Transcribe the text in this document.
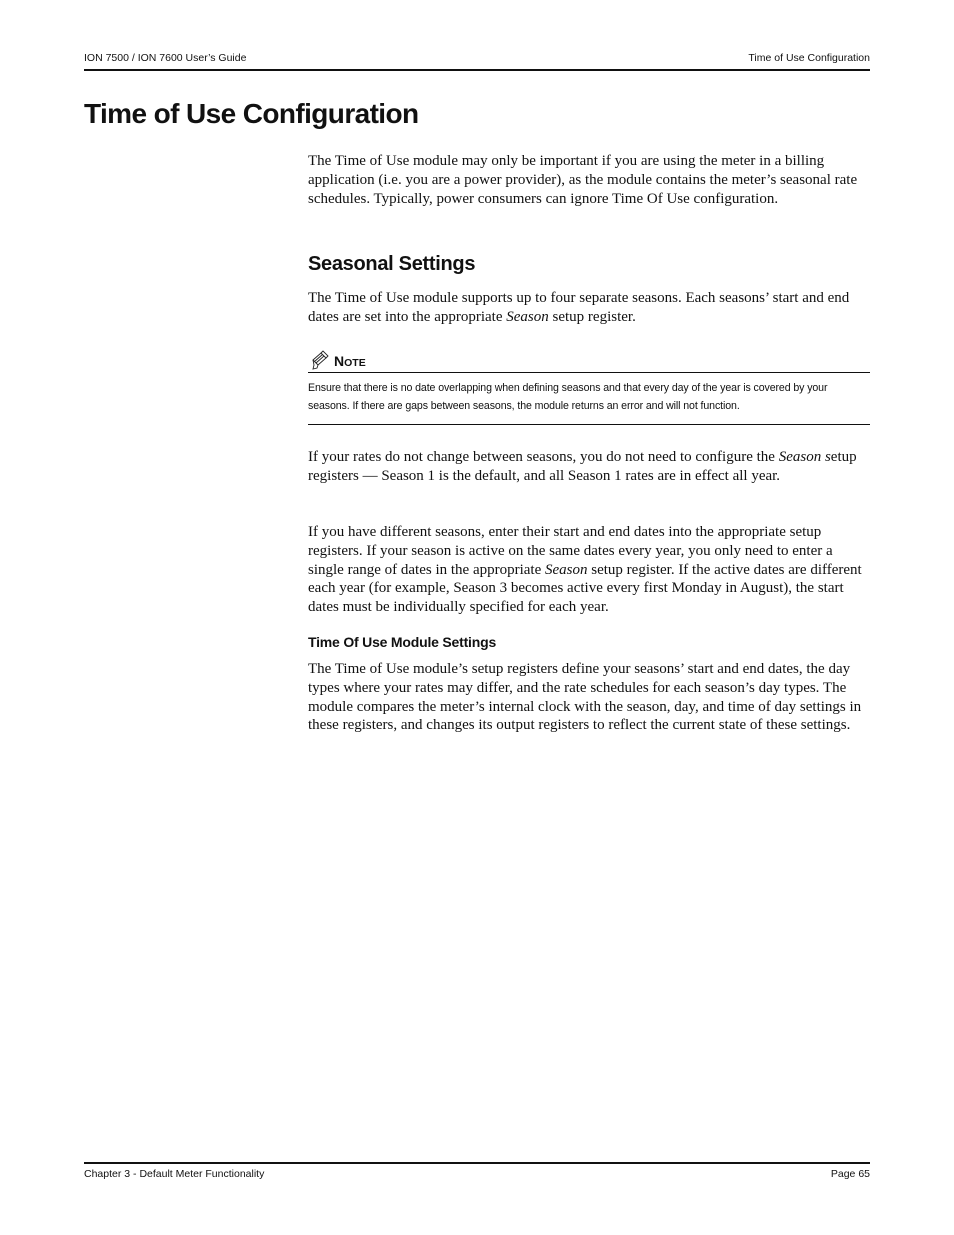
ION 7500 / ION 7600 User’s Guide	Time of Use Configuration
Time of Use Configuration

The Time of Use module may only be important if you are using the meter in a billing application (i.e. you are a power provider), as the module contains the meter’s seasonal rate schedules. Typically, power consumers can ignore Time Of Use configuration.

Seasonal Settings

The Time of Use module supports up to four separate seasons. Each seasons’ start and end dates are set into the appropriate Season setup register.

NOTE
Ensure that there is no date overlapping when defining seasons and that every day of the year is covered by your seasons. If there are gaps between seasons, the module returns an error and will not function.

If your rates do not change between seasons, you do not need to configure the Season setup registers — Season 1 is the default, and all Season 1 rates are in effect all year.

If you have different seasons, enter their start and end dates into the appropriate setup registers. If your season is active on the same dates every year, you only need to enter a single range of dates in the appropriate Season setup register. If the active dates are different each year (for example, Season 3 becomes active every first Monday in August), the start dates must be individually specified for each year.

Time Of Use Module Settings

The Time of Use module’s setup registers define your seasons’ start and end dates, the day types where your rates may differ, and the rate schedules for each season’s day types. The module compares the meter’s internal clock with the season, day, and time of day settings in these registers, and changes its output registers to reflect the current state of these settings.

Chapter 3 - Default Meter Functionality	Page 65
